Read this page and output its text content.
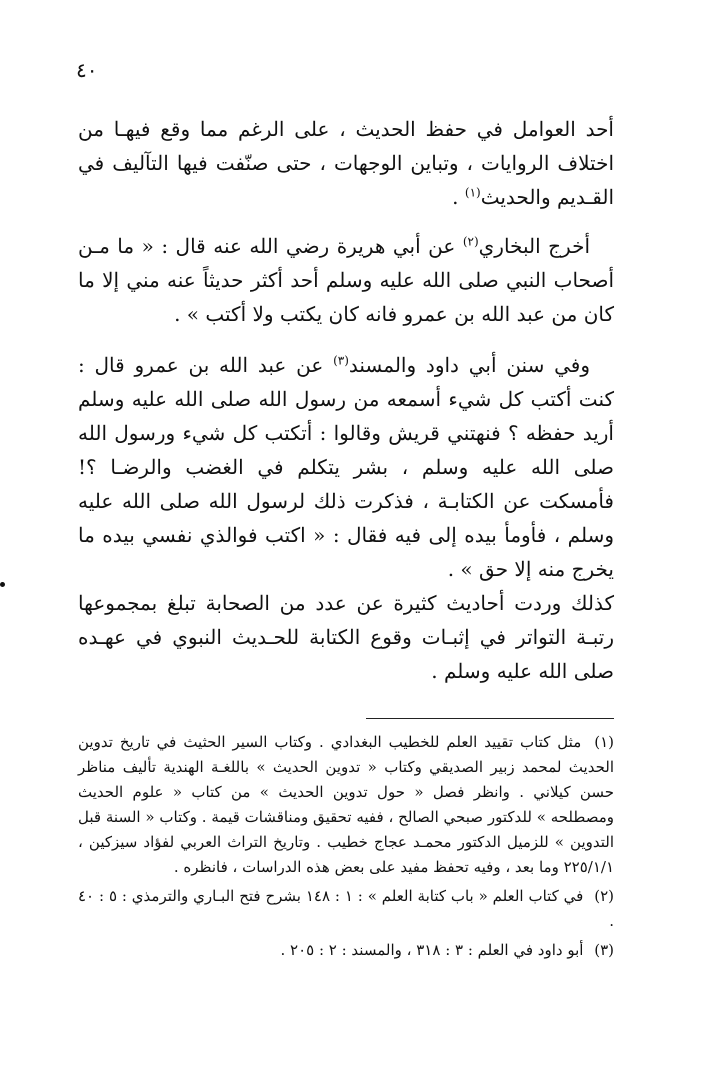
٤٠

أحد العوامل في حفظ الحديث ، على الرغم مما وقع فيهـا من اختلاف الروايات ، وتباين الوجهات ، حتى صنّفت فيها التآليف في القـديم والحديث$^{(١)}$ .

أخرج البخاري$^{(٢)}$ عن أبي هريرة رضي الله عنه قال : « ما مـن أصحاب النبي صلى الله عليه وسلم أحد أكثر حديثاً عنه مني إلا ما كان من عبد الله بن عمرو فانه كان يكتب ولا أكتب » .

وفي سنن أبي داود والمسند$^{(٣)}$ عن عبد الله بن عمرو قال : كنت أكتب كل شيء أسمعه من رسول الله صلى الله عليه وسلم أريد حفظه ؟ فنهتني قريش وقالوا : أتكتب كل شيء ورسول الله صلى الله عليه وسلم ، بشر يتكلم في الغضب والرضـا ؟! فأمسكت عن الكتابـة ، فذكرت ذلك لرسول الله صلى الله عليه وسلم ، فأومأ بيده إلى فيه فقال : « اكتب فوالذي نفسي بيده ما يخرج منه إلا حق » .

كذلك وردت أحاديث كثيرة عن عدد من الصحابة تبلغ بمجموعها رتبـة التواتر في إثبـات وقوع الكتابة للحـديث النبوي في عهـده صلى الله عليه وسلم .

(١) مثل كتاب تقييد العلم للخطيب البغدادي . وكتاب السير الحثيث في تاريخ تدوين الحديث لمحمد زبير الصديقي وكتاب « تدوين الحديث » باللغـة الهندية تأليف مناظر حسن كيلاني . وانظر فصل « حول تدوين الحديث » من كتاب « علوم الحديث ومصطلحه » للدكتور صبحي الصالح ، ففيه تحقيق ومناقشات قيمة . وكتاب « السنة قبل التدوين » للزميل الدكتور محمـد عجاج خطيب . وتاريخ التراث العربي لفؤاد سيزكين ، ٢٢٥/١/١ وما بعد ، وفيه تحفظ مفيد على بعض هذه الدراسات ، فانظره .

(٢) في كتاب العلم « باب كتابة العلم » : ١ : ١٤٨ بشرح فتح البـاري والترمذي : ٥ : ٤٠ .

(٣) أبو داود في العلم : ٣ : ٣١٨ ، والمسند : ٢ : ٢٠٥ .
